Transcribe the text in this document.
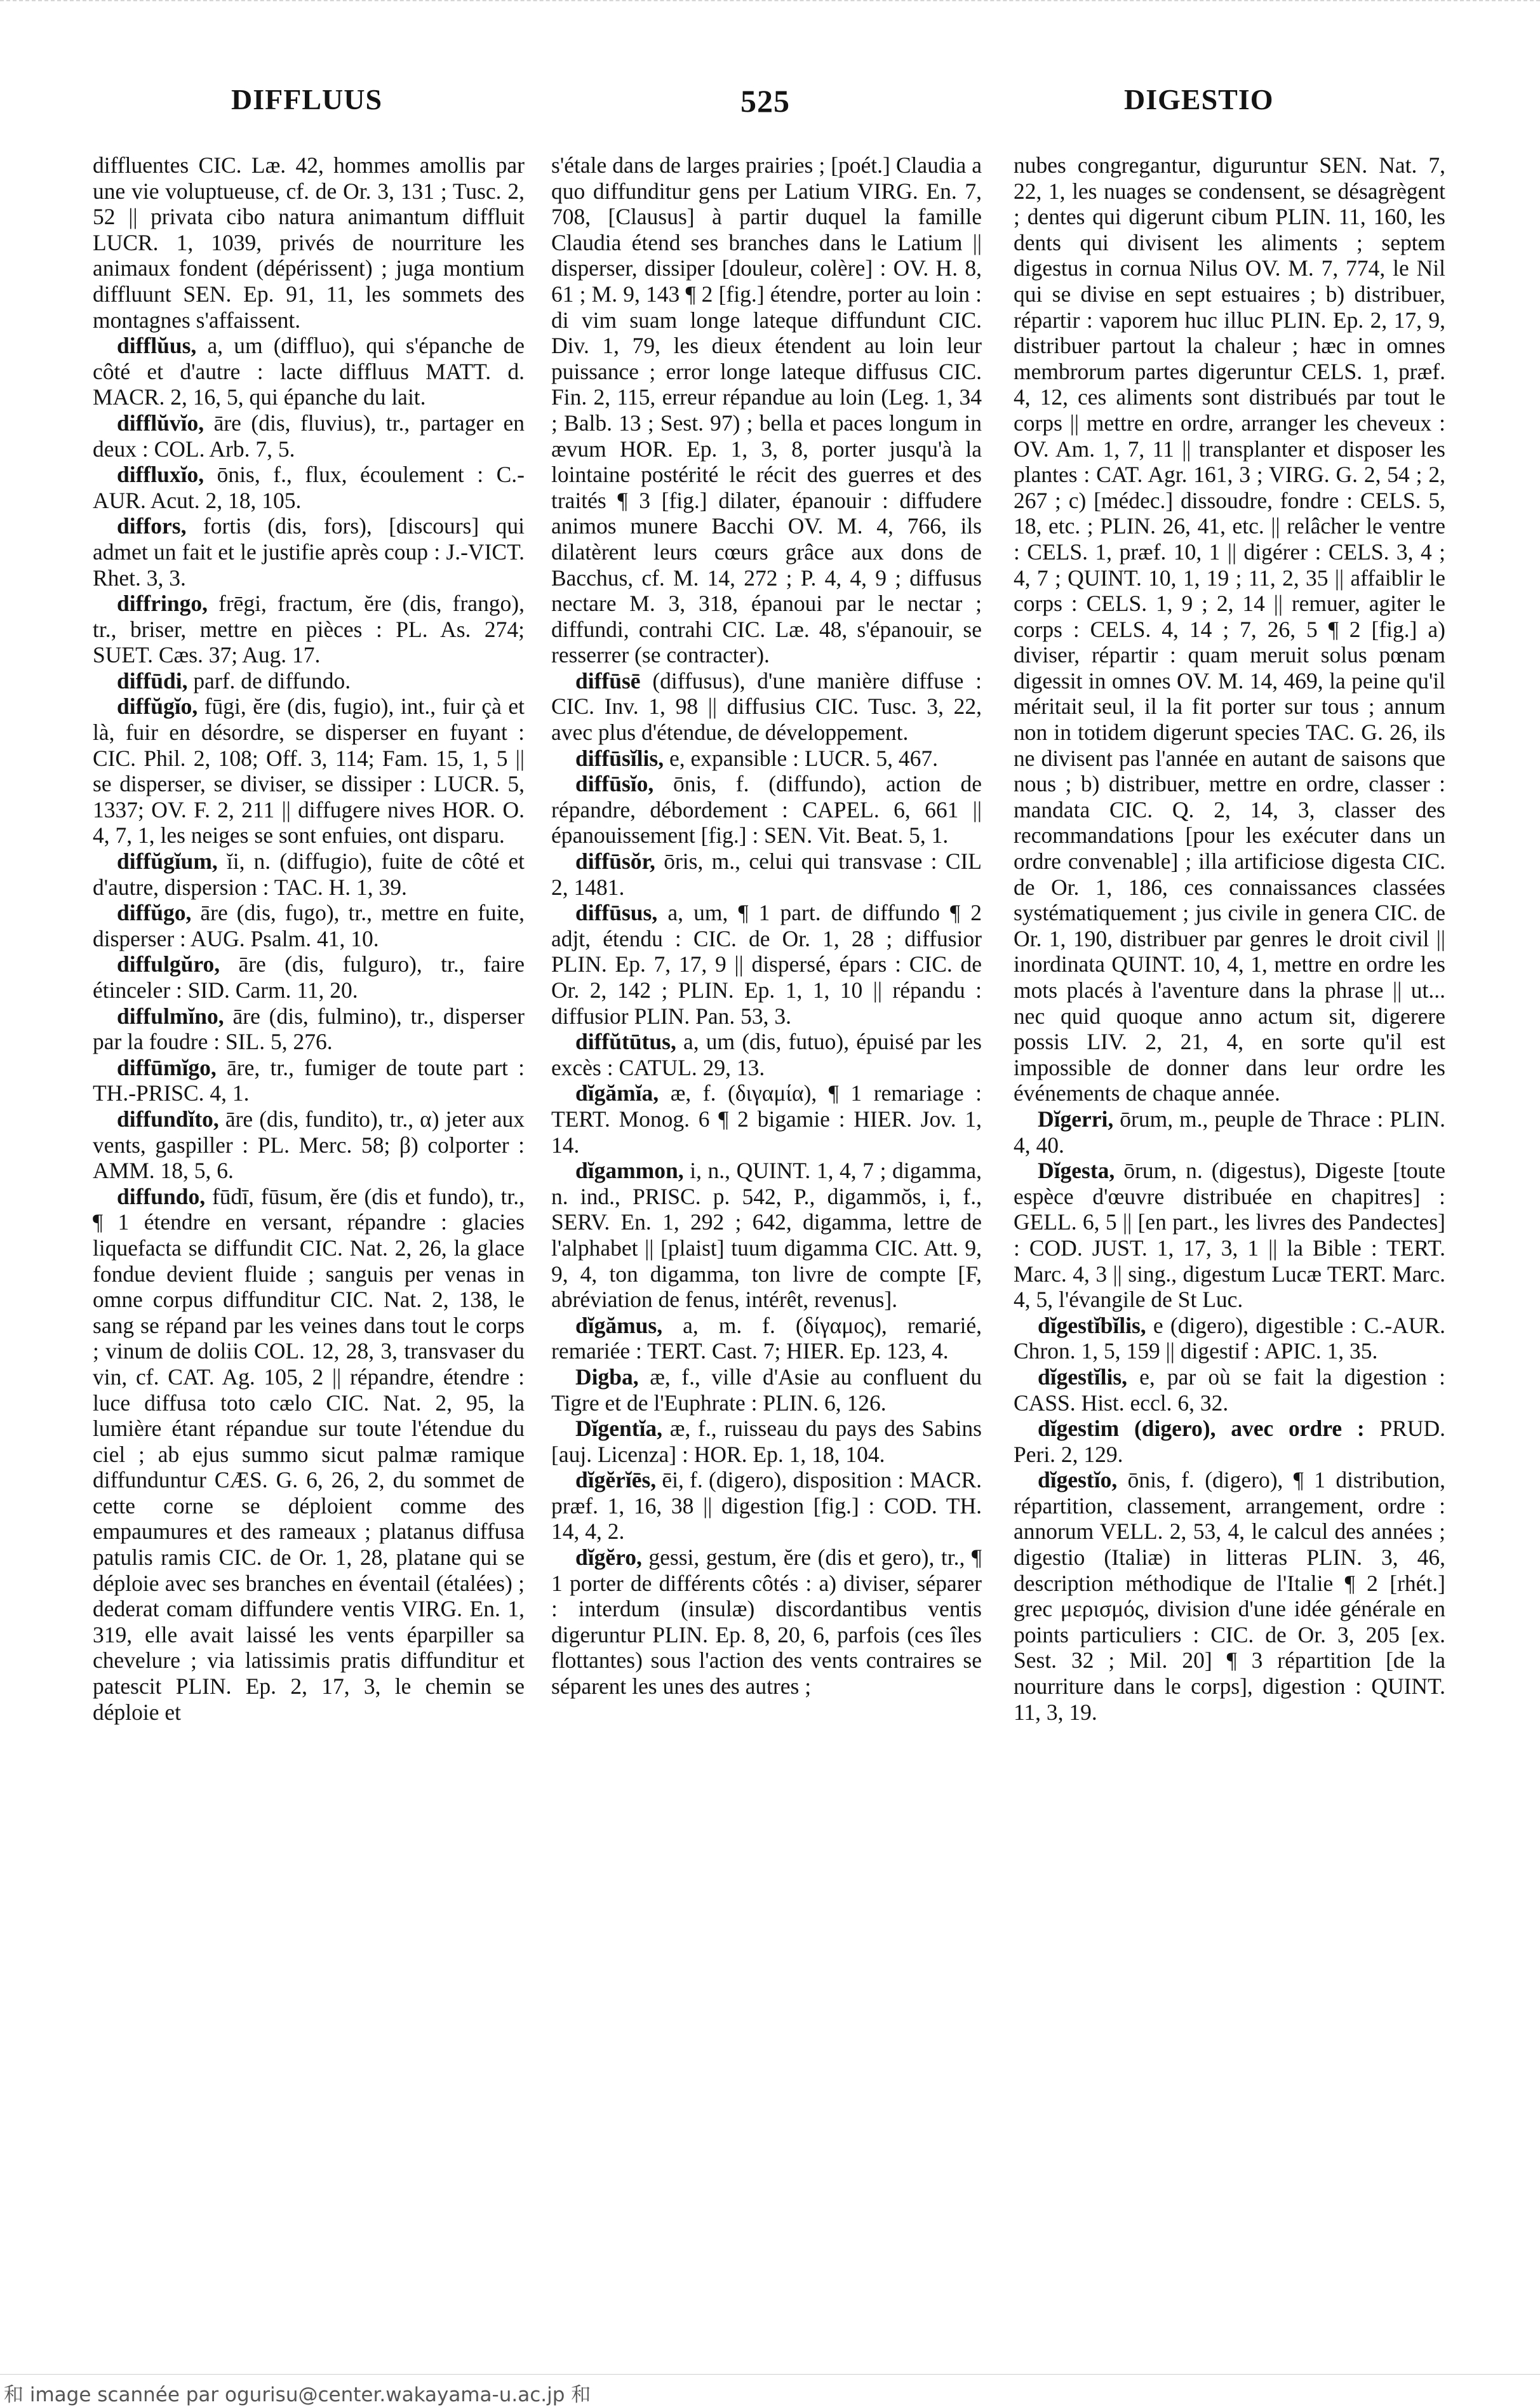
DIFFLUUS	525	DIGESTIO

diffluentes CIC. Læ. 42, hommes amollis par une vie voluptueuse, cf. de Or. 3, 131 ; Tusc. 2, 52 || privata cibo natura animantum diffluit LUCR. 1, 1039, privés de nourriture les animaux fondent (dépérissent) ; juga montium diffluunt SEN. Ep. 91, 11, les sommets des montagnes s'affaissent.

difflŭus, a, um (diffluo), qui s'épanche de côté et d'autre : lacte diffluus MATT. d. MACR. 2, 16, 5, qui épanche du lait.

difflŭvĭo, āre (dis, fluvius), tr., partager en deux : COL. Arb. 7, 5.

diffluxĭo, ōnis, f., flux, écoulement : C.-AUR. Acut. 2, 18, 105.

diffors, fortis (dis, fors), [discours] qui admet un fait et le justifie après coup : J.-VICT. Rhet. 3, 3.

diffringo, frēgi, fractum, ĕre (dis, frango), tr., briser, mettre en pièces : PL. As. 274; SUET. Cæs. 37; Aug. 17.

diffūdi, parf. de diffundo.

diffŭgĭo, fūgi, ĕre (dis, fugio), int., fuir çà et là, fuir en désordre, se disperser en fuyant : CIC. Phil. 2, 108; Off. 3, 114; Fam. 15, 1, 5 || se disperser, se diviser, se dissiper : LUCR. 5, 1337; OV. F. 2, 211 || diffugere nives HOR. O. 4, 7, 1, les neiges se sont enfuies, ont disparu.

diffŭgĭum, ĭi, n. (diffugio), fuite de côté et d'autre, dispersion : TAC. H. 1, 39.

diffŭgo, āre (dis, fugo), tr., mettre en fuite, disperser : AUG. Psalm. 41, 10.

diffulgŭro, āre (dis, fulguro), tr., faire étinceler : SID. Carm. 11, 20.

diffulmĭno, āre (dis, fulmino), tr., disperser par la foudre : SIL. 5, 276.

diffūmĭgo, āre, tr., fumiger de toute part : TH.-PRISC. 4, 1.

diffundĭto, āre (dis, fundito), tr., α) jeter aux vents, gaspiller : PL. Merc. 58; β) colporter : AMM. 18, 5, 6.

diffundo, fūdī, fūsum, ĕre (dis et fundo), tr., ¶ 1 étendre en versant, répandre : glacies liquefacta se diffundit CIC. Nat. 2, 26, la glace fondue devient fluide ; sanguis per venas in omne corpus diffunditur CIC. Nat. 2, 138, le sang se répand par les veines dans tout le corps ; vinum de doliis COL. 12, 28, 3, transvaser du vin, cf. CAT. Ag. 105, 2 || répandre, étendre : luce diffusa toto cælo CIC. Nat. 2, 95, la lumière étant répandue sur toute l'étendue du ciel ; ab ejus summo sicut palmæ ramique diffunduntur CÆS. G. 6, 26, 2, du sommet de cette corne se déploient comme des empaumures et des rameaux ; platanus diffusa patulis ramis CIC. de Or. 1, 28, platane qui se déploie avec ses branches en éventail (étalées) ; dederat comam diffundere ventis VIRG. En. 1, 319, elle avait laissé les vents éparpiller sa chevelure ; via latissimis pratis diffunditur et patescit PLIN. Ep. 2, 17, 3, le chemin se déploie et

s'étale dans de larges prairies ; [poét.] Claudia a quo diffunditur gens per Latium VIRG. En. 7, 708, [Clausus] à partir duquel la famille Claudia étend ses branches dans le Latium || disperser, dissiper [douleur, colère] : OV. H. 8, 61 ; M. 9, 143 ¶ 2 [fig.] étendre, porter au loin : di vim suam longe lateque diffundunt CIC. Div. 1, 79, les dieux étendent au loin leur puissance ; error longe lateque diffusus CIC. Fin. 2, 115, erreur répandue au loin (Leg. 1, 34 ; Balb. 13 ; Sest. 97) ; bella et paces longum in ævum HOR. Ep. 1, 3, 8, porter jusqu'à la lointaine postérité le récit des guerres et des traités ¶ 3 [fig.] dilater, épanouir : diffudere animos munere Bacchi OV. M. 4, 766, ils dilatèrent leurs cœurs grâce aux dons de Bacchus, cf. M. 14, 272 ; P. 4, 4, 9 ; diffusus nectare M. 3, 318, épanoui par le nectar ; diffundi, contrahi CIC. Læ. 48, s'épanouir, se resserrer (se contracter).

diffūsē (diffusus), d'une manière diffuse : CIC. Inv. 1, 98 || diffusius CIC. Tusc. 3, 22, avec plus d'étendue, de développement.

diffūsĭlis, e, expansible : LUCR. 5, 467.

diffūsĭo, ōnis, f. (diffundo), action de répandre, débordement : CAPEL. 6, 661 || épanouissement [fig.] : SEN. Vit. Beat. 5, 1.

diffūsŏr, ōris, m., celui qui transvase : CIL 2, 1481.

diffūsus, a, um, ¶ 1 part. de diffundo ¶ 2 adjt, étendu : CIC. de Or. 1, 28 ; diffusior PLIN. Ep. 7, 17, 9 || dispersé, épars : CIC. de Or. 2, 142 ; PLIN. Ep. 1, 1, 10 || répandu : diffusior PLIN. Pan. 53, 3.

diffŭtūtus, a, um (dis, futuo), épuisé par les excès : CATUL. 29, 13.

dĭgămĭa, æ, f. (διγαμία), ¶ 1 remariage : TERT. Monog. 6 ¶ 2 bigamie : HIER. Jov. 1, 14.

dĭgammon, i, n., QUINT. 1, 4, 7 ; digamma, n. ind., PRISC. p. 542, P., digammŏs, i, f., SERV. En. 1, 292 ; 642, digamma, lettre de l'alphabet || [plaist] tuum digamma CIC. Att. 9, 9, 4, ton digamma, ton livre de compte [F, abréviation de fenus, intérêt, revenus].

dĭgămus, a, m. f. (δίγαμος), remarié, remariée : TERT. Cast. 7; HIER. Ep. 123, 4.

Digba, æ, f., ville d'Asie au confluent du Tigre et de l'Euphrate : PLIN. 6, 126.

Dĭgentĭa, æ, f., ruisseau du pays des Sabins [auj. Licenza] : HOR. Ep. 1, 18, 104.

dĭgĕrĭēs, ēi, f. (digero), disposition : MACR. præf. 1, 16, 38 || digestion [fig.] : COD. TH. 14, 4, 2.

dĭgĕro, gessi, gestum, ĕre (dis et gero), tr., ¶ 1 porter de différents côtés : a) diviser, séparer : interdum (insulæ) discordantibus ventis digeruntur PLIN. Ep. 8, 20, 6, parfois (ces îles flottantes) sous l'action des vents contraires se séparent les unes des autres ;

nubes congregantur, diguruntur SEN. Nat. 7, 22, 1, les nuages se condensent, se désagrègent ; dentes qui digerunt cibum PLIN. 11, 160, les dents qui divisent les aliments ; septem digestus in cornua Nilus OV. M. 7, 774, le Nil qui se divise en sept estuaires ; b) distribuer, répartir : vaporem huc illuc PLIN. Ep. 2, 17, 9, distribuer partout la chaleur ; hæc in omnes membrorum partes digeruntur CELS. 1, præf. 4, 12, ces aliments sont distribués par tout le corps || mettre en ordre, arranger les cheveux : OV. Am. 1, 7, 11 || transplanter et disposer les plantes : CAT. Agr. 161, 3 ; VIRG. G. 2, 54 ; 2, 267 ; c) [médec.] dissoudre, fondre : CELS. 5, 18, etc. ; PLIN. 26, 41, etc. || relâcher le ventre : CELS. 1, præf. 10, 1 || digérer : CELS. 3, 4 ; 4, 7 ; QUINT. 10, 1, 19 ; 11, 2, 35 || affaiblir le corps : CELS. 1, 9 ; 2, 14 || remuer, agiter le corps : CELS. 4, 14 ; 7, 26, 5 ¶ 2 [fig.] a) diviser, répartir : quam meruit solus pœnam digessit in omnes OV. M. 14, 469, la peine qu'il méritait seul, il la fit porter sur tous ; annum non in totidem digerunt species TAC. G. 26, ils ne divisent pas l'année en autant de saisons que nous ; b) distribuer, mettre en ordre, classer : mandata CIC. Q. 2, 14, 3, classer des recommandations [pour les exécuter dans un ordre convenable] ; illa artificiose digesta CIC. de Or. 1, 186, ces connaissances classées systématiquement ; jus civile in genera CIC. de Or. 1, 190, distribuer par genres le droit civil || inordinata QUINT. 10, 4, 1, mettre en ordre les mots placés à l'aventure dans la phrase || ut... nec quid quoque anno actum sit, digerere possis LIV. 2, 21, 4, en sorte qu'il est impossible de donner dans leur ordre les événements de chaque année.

Dĭgerri, ōrum, m., peuple de Thrace : PLIN. 4, 40.

Dĭgesta, ōrum, n. (digestus), Digeste [toute espèce d'œuvre distribuée en chapitres] : GELL. 6, 5 || [en part., les livres des Pandectes] : COD. JUST. 1, 17, 3, 1 || la Bible : TERT. Marc. 4, 3 || sing., digestum Lucæ TERT. Marc. 4, 5, l'évangile de St Luc.

dĭgestĭbĭlis, e (digero), digestible : C.-AUR. Chron. 1, 5, 159 || digestif : APIC. 1, 35.

dĭgestĭlis, e, par où se fait la digestion : CASS. Hist. eccl. 6, 32.

dĭgestim (digero), avec ordre : PRUD. Peri. 2, 129.

dĭgestĭo, ōnis, f. (digero), ¶ 1 distribution, répartition, classement, arrangement, ordre : annorum VELL. 2, 53, 4, le calcul des années ; digestio (Italiæ) in litteras PLIN. 3, 46, description méthodique de l'Italie ¶ 2 [rhét.] grec μερισμός, division d'une idée générale en points particuliers : CIC. de Or. 3, 205 [ex. Sest. 32 ; Mil. 20] ¶ 3 répartition [de la nourriture dans le corps], digestion : QUINT. 11, 3, 19.

和 image scannée par ogurisu@center.wakayama-u.ac.jp 和
